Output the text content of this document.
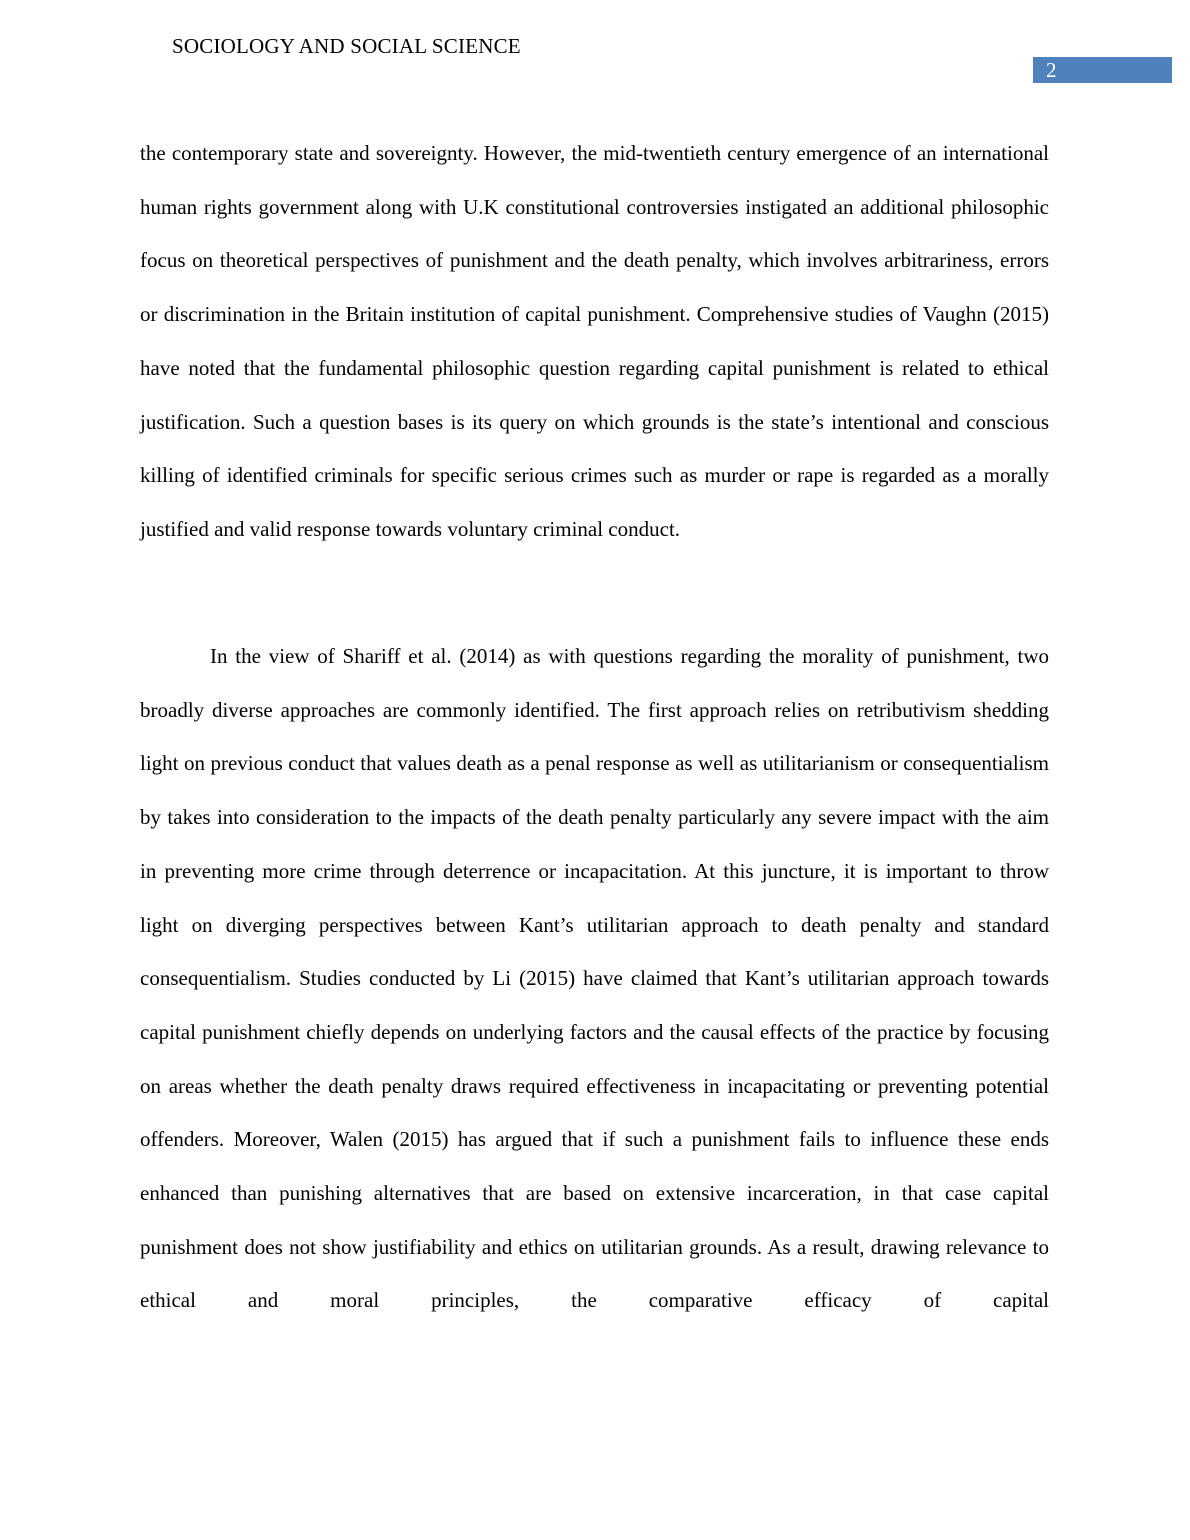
SOCIOLOGY AND SOCIAL SCIENCE
2

the contemporary state and sovereignty. However, the mid-twentieth century emergence of an international human rights government along with U.K constitutional controversies instigated an additional philosophic focus on theoretical perspectives of punishment and the death penalty, which involves arbitrariness, errors or discrimination in the Britain institution of capital punishment. Comprehensive studies of Vaughn (2015) have noted that the fundamental philosophic question regarding capital punishment is related to ethical justification. Such a question bases is its query on which grounds is the state’s intentional and conscious killing of identified criminals for specific serious crimes such as murder or rape is regarded as a morally justified and valid response towards voluntary criminal conduct.

In the view of Shariff et al. (2014) as with questions regarding the morality of punishment, two broadly diverse approaches are commonly identified. The first approach relies on retributivism shedding light on previous conduct that values death as a penal response as well as utilitarianism or consequentialism by takes into consideration to the impacts of the death penalty particularly any severe impact with the aim in preventing more crime through deterrence or incapacitation. At this juncture, it is important to throw light on diverging perspectives between Kant’s utilitarian approach to death penalty and standard consequentialism. Studies conducted by Li (2015) have claimed that Kant’s utilitarian approach towards capital punishment chiefly depends on underlying factors and the causal effects of the practice by focusing on areas whether the death penalty draws required effectiveness in incapacitating or preventing potential offenders. Moreover, Walen (2015) has argued that if such a punishment fails to influence these ends enhanced than punishing alternatives that are based on extensive incarceration, in that case capital punishment does not show justifiability and ethics on utilitarian grounds. As a result, drawing relevance to ethical and moral principles, the comparative efficacy of capital
